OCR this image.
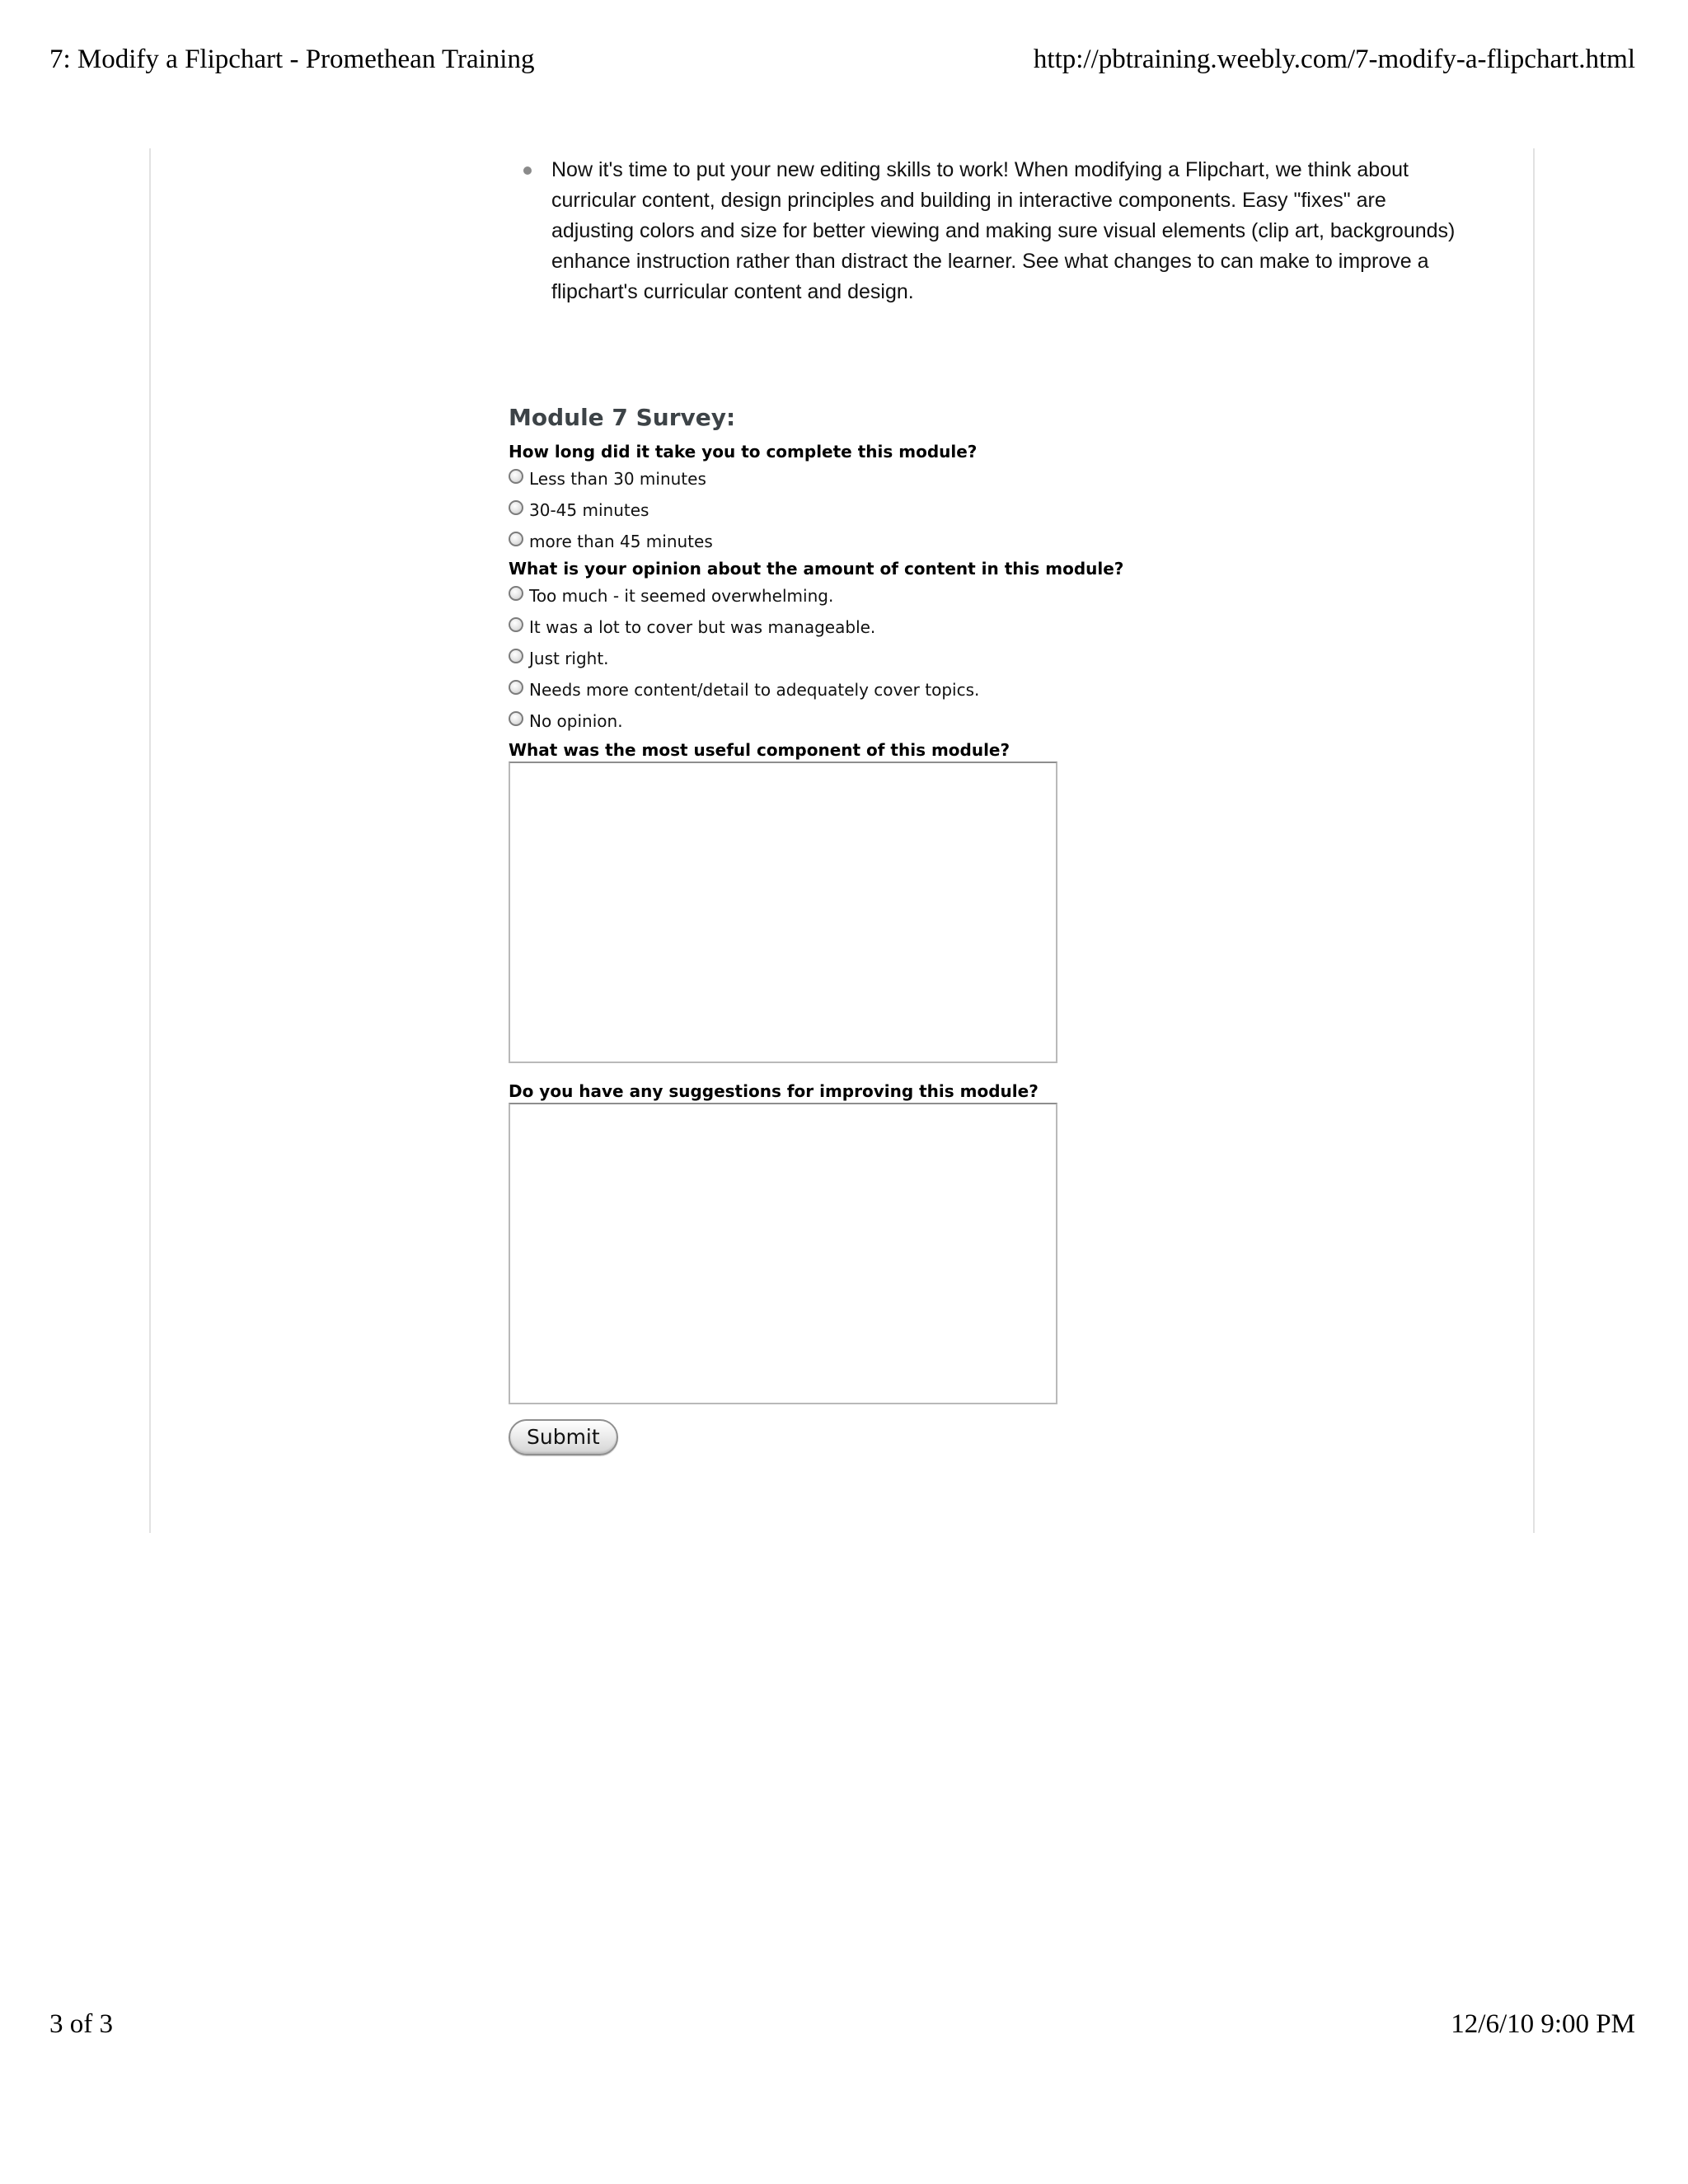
7: Modify a Flipchart - Promethean Training	http://pbtraining.weebly.com/7-modify-a-flipchart.html
Now it's time to put your new editing skills to work! When modifying a Flipchart, we think about curricular content, design principles and building in interactive components. Easy "fixes" are adjusting colors and size for better viewing and making sure visual elements (clip art, backgrounds) enhance instruction rather than distract the learner. See what changes to can make to improve a flipchart's curricular content and design.
Module 7 Survey:

How long did it take you to complete this module?

Less than 30 minutes
30-45 minutes
more than 45 minutes

What is your opinion about the amount of content in this module?

Too much - it seemed overwhelming.
It was a lot to cover but was manageable.
Just right.
Needs more content/detail to adequately cover topics.
No opinion.

What was the most useful component of this module?

Do you have any suggestions for improving this module?

Submit
3 of 3	12/6/10 9:00 PM
